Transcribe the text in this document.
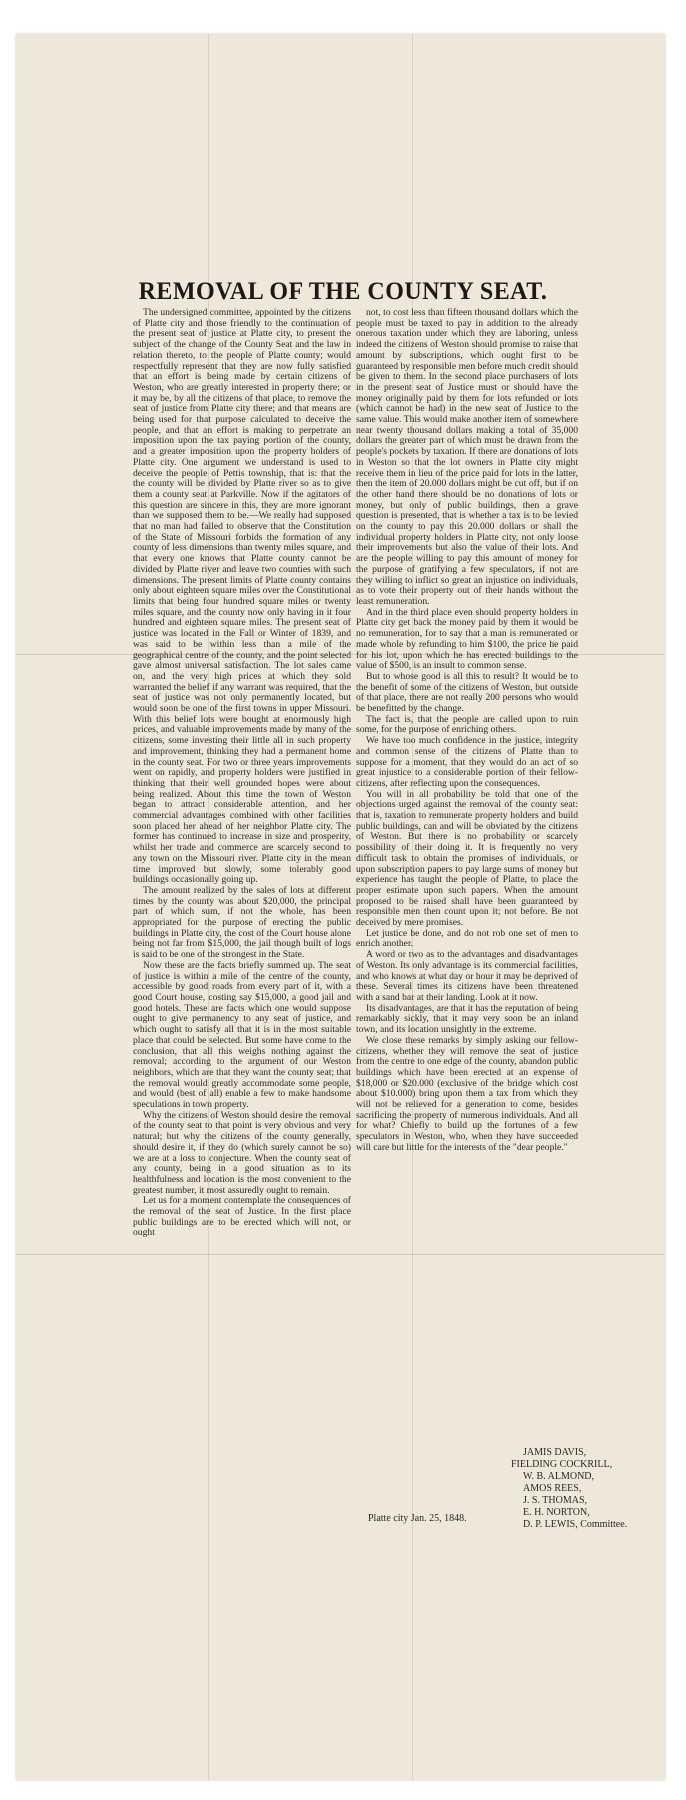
REMOVAL OF THE COUNTY SEAT.

The undersigned committee, appointed by the citizens of Platte city and those friendly to the continuation of the present seat of justice at Platte city, to present the subject of the change of the County Seat and the law in relation thereto, to the people of Platte county; would respectfully represent that they are now fully satisfied that an effort is being made by certain citizens of Weston, who are greatly interested in property there; or it may be, by all the citizens of that place, to remove the seat of justice from Platte city there; and that means are being used for that purpose calculated to deceive the people, and that an effort is making to perpetrate an imposition upon the tax paying portion of the county, and a greater imposition upon the property holders of Platte city. One argument we understand is used to deceive the people of Pettis township, that is: that the the county will be divided by Platte river so as to give them a county seat at Parkville. Now if the agitators of this question are sincere in this, they are more ignorant than we supposed them to be.—We really had supposed that no man had failed to observe that the Constitution of the State of Missouri forbids the formation of any county of less dimensions than twenty miles square, and that every one knows that Platte county cannot be divided by Platte river and leave two counties with such dimensions. The present limits of Platte county contains only about eighteen square miles over the Constitutional limits that being four hundred square miles or twenty miles square, and the county now only having in it four hundred and eighteen square miles. The present seat of justice was located in the Fall or Winter of 1839, and was said to be within less than a mile of the geographical centre of the county, and the point selected gave almost universal satisfaction. The lot sales came on, and the very high prices at which they sold warranted the belief if any warrant was required, that the seat of justice was not only permanently located, but would soon be one of the first towns in upper Missouri. With this belief lots were bought at enormously high prices, and valuable improvements made by many of the citizens, some investing their little all in such property and improvement, thinking they had a permanent home in the county seat. For two or three years improvements went on rapidly, and property holders were justified in thinking that their well grounded hopes were about being realized. About this time the town of Weston began to attract considerable attention, and her commercial advantages combined with other facilities soon placed her ahead of her neighbor Platte city. The former has continued to increase in size and prosperity, whilst her trade and commerce are scarcely second to any town on the Missouri river. Platte city in the mean time improved but slowly, some tolerably good buildings occasionally going up.

The amount realized by the sales of lots at different times by the county was about $20,000, the principal part of which sum, if not the whole, has been appropriated for the purpose of erecting the public buildings in Platte city, the cost of the Court house alone being not far from $15,000, the jail though built of logs is said to be one of the strongest in the State.

Now these are the facts briefly summed up. The seat of justice is within a mile of the centre of the county, accessible by good roads from every part of it, with a good Court house, costing say $15,000, a good jail and good hotels. These are facts which one would suppose ought to give permanency to any seat of justice, and which ought to satisfy all that it is in the most suitable place that could be selected. But some have come to the conclusion, that all this weighs nothing against the removal; according to the argument of our Weston neighbors, which are that they want the county seat; that the removal would greatly accommodate some people, and would (best of all) enable a few to make handsome speculations in town property.

Why the citizens of Weston should desire the removal of the county seat to that point is very obvious and very natural; but why the citizens of the county generally, should desire it, if they do (which surely cannot be so) we are at a loss to conjecture. When the county seat of any county, being in a good situation as to its healthfulness and location is the most convenient to the greatest number, it most assuredly ought to remain.

Let us for a moment contemplate the consequences of the removal of the seat of Justice. In the first place public buildings are to be erected which will not, or ought

not, to cost less than fifteen thousand dollars which the people must be taxed to pay in addition to the already onerous taxation under which they are laboring, unless indeed the citizens of Weston should promise to raise that amount by subscriptions, which ought first to be guaranteed by responsible men before much credit should be given to them. In the second place purchasers of lots in the present seat of Justice must or should have the money originally paid by them for lots refunded or lots (which cannot be had) in the new seat of Justice to the same value. This would make another item of somewhere near twenty thousand dollars making a total of 35,000 dollars the greater part of which must be drawn from the people's pockets by taxation. If there are donations of lots in Weston so that the lot owners in Platte city might receive them in lieu of the price paid for lots in the latter, then the item of 20.000 dollars might be cut off, but if on the other hand there should be no donations of lots or money, but only of public buildings, then a grave question is presented, that is whether a tax is to be levied on the county to pay this 20.000 dollars or shall the individual property holders in Platte city, not only loose their improvements but also the value of their lots. And are the people willing to pay this amount of money for the purpose of gratifying a few speculators, if not are they willing to inflict so great an injustice on individuals, as to vote their property out of their hands without the least remuneration.

And in the third place even should property holders in Platte city get back the money paid by them it would be no remuneration, for to say that a man is remunerated or made whole by refunding to him $100, the price he paid for his lot, upon which he has erected buildings to the value of $500, is an insult to common sense.

But to whose good is all this to result? It would be to the benefit of some of the citizens of Weston, but outside of that place, there are not really 200 persons who would be benefitted by the change.

The fact is, that the people are called upon to ruin some, for the purpose of enriching others.

We have too much confidence in the justice, integrity and common sense of the citizens of Platte than to suppose for a moment, that they would do an act of so great injustice to a considerable portion of their fellow-citizens, after reflecting upon the consequences.

You will in all probability be told that one of the objections urged against the removal of the county seat: that is, taxation to remunerate property holders and build public buildings, can and will be obviated by the citizens of Weston. But there is no probability or scarcely possibility of their doing it. It is frequently no very difficult task to obtain the promises of individuals, or upon subscription papers to pay large sums of money but experience has taught the people of Platte, to place the proper estimate upon such papers. When the amount proposed to be raised shall have been guaranteed by responsible men then count upon it; not before. Be not deceived by mere promises.

Let justice be done, and do not rob one set of men to enrich another.

A word or two as to the advantages and disadvantages of Weston. Its only advantage is its commercial facilities, and who knows at what day or hour it may be deprived of these. Several times its citizens have been threatened with a sand bar at their landing. Look at it now.

Its disadvantages, are that it has the reputation of being remarkably sickly, that it may very soon be an inland town, and its location unsightly in the extreme.

We close these remarks by simply asking our fellow-citizens, whether they will remove the seat of justice from the centre to one edge of the county, abandon public buildings which have been erected at an expense of $18,000 or $20.000 (exclusive of the bridge which cost about $10.000) bring upon them a tax from which they will not be relieved for a generation to come, besides sacrificing the property of numerous individuals. And all for what? Chiefly to build up the fortunes of a few speculators in Weston, who, when they have succeeded will care but little for the interests of the "dear people."

JAMIS DAVIS,
FIELDING COCKRILL,
W. B. ALMOND,
AMOS REES,
J. S. THOMAS,
E. H. NORTON,
D. P. LEWIS, Committee.
Platte city Jan. 25, 1848.
